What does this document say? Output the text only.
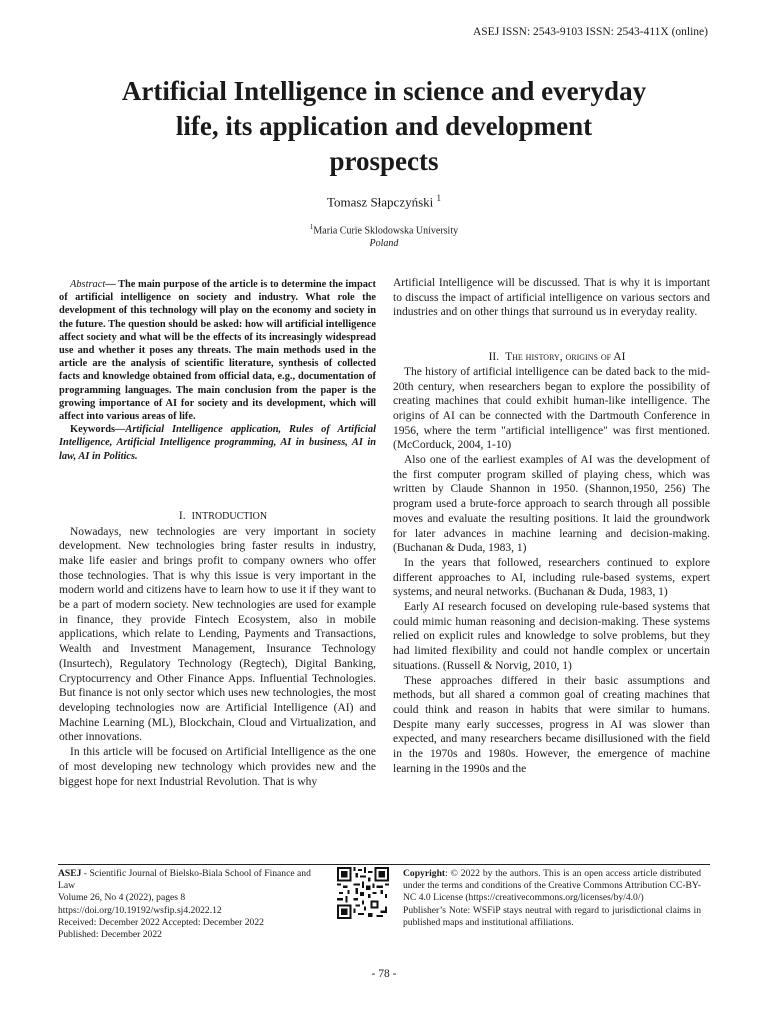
ASEJ ISSN: 2543-9103 ISSN: 2543-411X (online)
Artificial Intelligence in science and everyday
life, its application and development
prospects
Tomasz Słapczyński $^1$
$^1$Maria Curie Sklodowska University
Poland

Abstract— The main purpose of the article is to determine the impact of artificial intelligence on society and industry. What role the development of this technology will play on the economy and society in the future. The question should be asked: how will artificial intelligence affect society and what will be the effects of its increasingly widespread use and whether it poses any threats. The main methods used in the article are the analysis of scientific literature, synthesis of collected facts and knowledge obtained from official data, e.g., documentation of programming languages. The main conclusion from the paper is the growing importance of AI for society and its development, which will affect into various areas of life.

Keywords—Artificial Intelligence application, Rules of Artificial Intelligence, Artificial Intelligence programming, AI in business, AI in law, AI in Politics.

I. INTRODUCTION

Nowadays, new technologies are very important in society development. New technologies bring faster results in industry, make life easier and brings profit to company owners who offer those technologies. That is why this issue is very important in the modern world and citizens have to learn how to use it if they want to be a part of modern society. New technologies are used for example in finance, they provide Fintech Ecosystem, also in mobile applications, which relate to Lending, Payments and Transactions, Wealth and Investment Management, Insurance Technology (Insurtech), Regulatory Technology (Regtech), Digital Banking, Cryptocurrency and Other Finance Apps. Influential Technologies. But finance is not only sector which uses new technologies, the most developing technologies now are Artificial Intelligence (AI) and Machine Learning (ML), Blockchain, Cloud and Virtualization, and other innovations.

In this article will be focused on Artificial Intelligence as the one of most developing new technology which provides new and the biggest hope for next Industrial Revolution. That is why

Artificial Intelligence will be discussed. That is why it is important to discuss the impact of artificial intelligence on various sectors and industries and on other things that surround us in everyday reality.

II. The history, origins of AI

The history of artificial intelligence can be dated back to the mid-20th century, when researchers began to explore the possibility of creating machines that could exhibit human-like intelligence. The origins of AI can be connected with the Dartmouth Conference in 1956, where the term "artificial intelligence" was first mentioned. (McCorduck, 2004, 1-10)

Also one of the earliest examples of AI was the development of the first computer program skilled of playing chess, which was written by Claude Shannon in 1950. (Shannon,1950, 256) The program used a brute-force approach to search through all possible moves and evaluate the resulting positions. It laid the groundwork for later advances in machine learning and decision-making. (Buchanan & Duda, 1983, 1)

In the years that followed, researchers continued to explore different approaches to AI, including rule-based systems, expert systems, and neural networks. (Buchanan & Duda, 1983, 1)

Early AI research focused on developing rule-based systems that could mimic human reasoning and decision-making. These systems relied on explicit rules and knowledge to solve problems, but they had limited flexibility and could not handle complex or uncertain situations. (Russell & Norvig, 2010, 1)

These approaches differed in their basic assumptions and methods, but all shared a common goal of creating machines that could think and reason in habits that were similar to humans. Despite many early successes, progress in AI was slower than expected, and many researchers became disillusioned with the field in the 1970s and 1980s. However, the emergence of machine learning in the 1990s and the

ASEJ - Scientific Journal of Bielsko-Biala School of Finance and Law
Volume 26, No 4 (2022), pages 8
https://doi.org/10.19192/wsfip.sj4.2022.12
Received: December 2022 Accepted: December 2022
Published: December 2022
Copyright: © 2022 by the authors. This is an open access article distributed under the terms and conditions of the Creative Commons Attribution CC-BY-NC 4.0 License (https://creativecommons.org/licenses/by/4.0/)
Publisher’s Note: WSFiP stays neutral with regard to jurisdictional claims in published maps and institutional affiliations.
- 78 -
